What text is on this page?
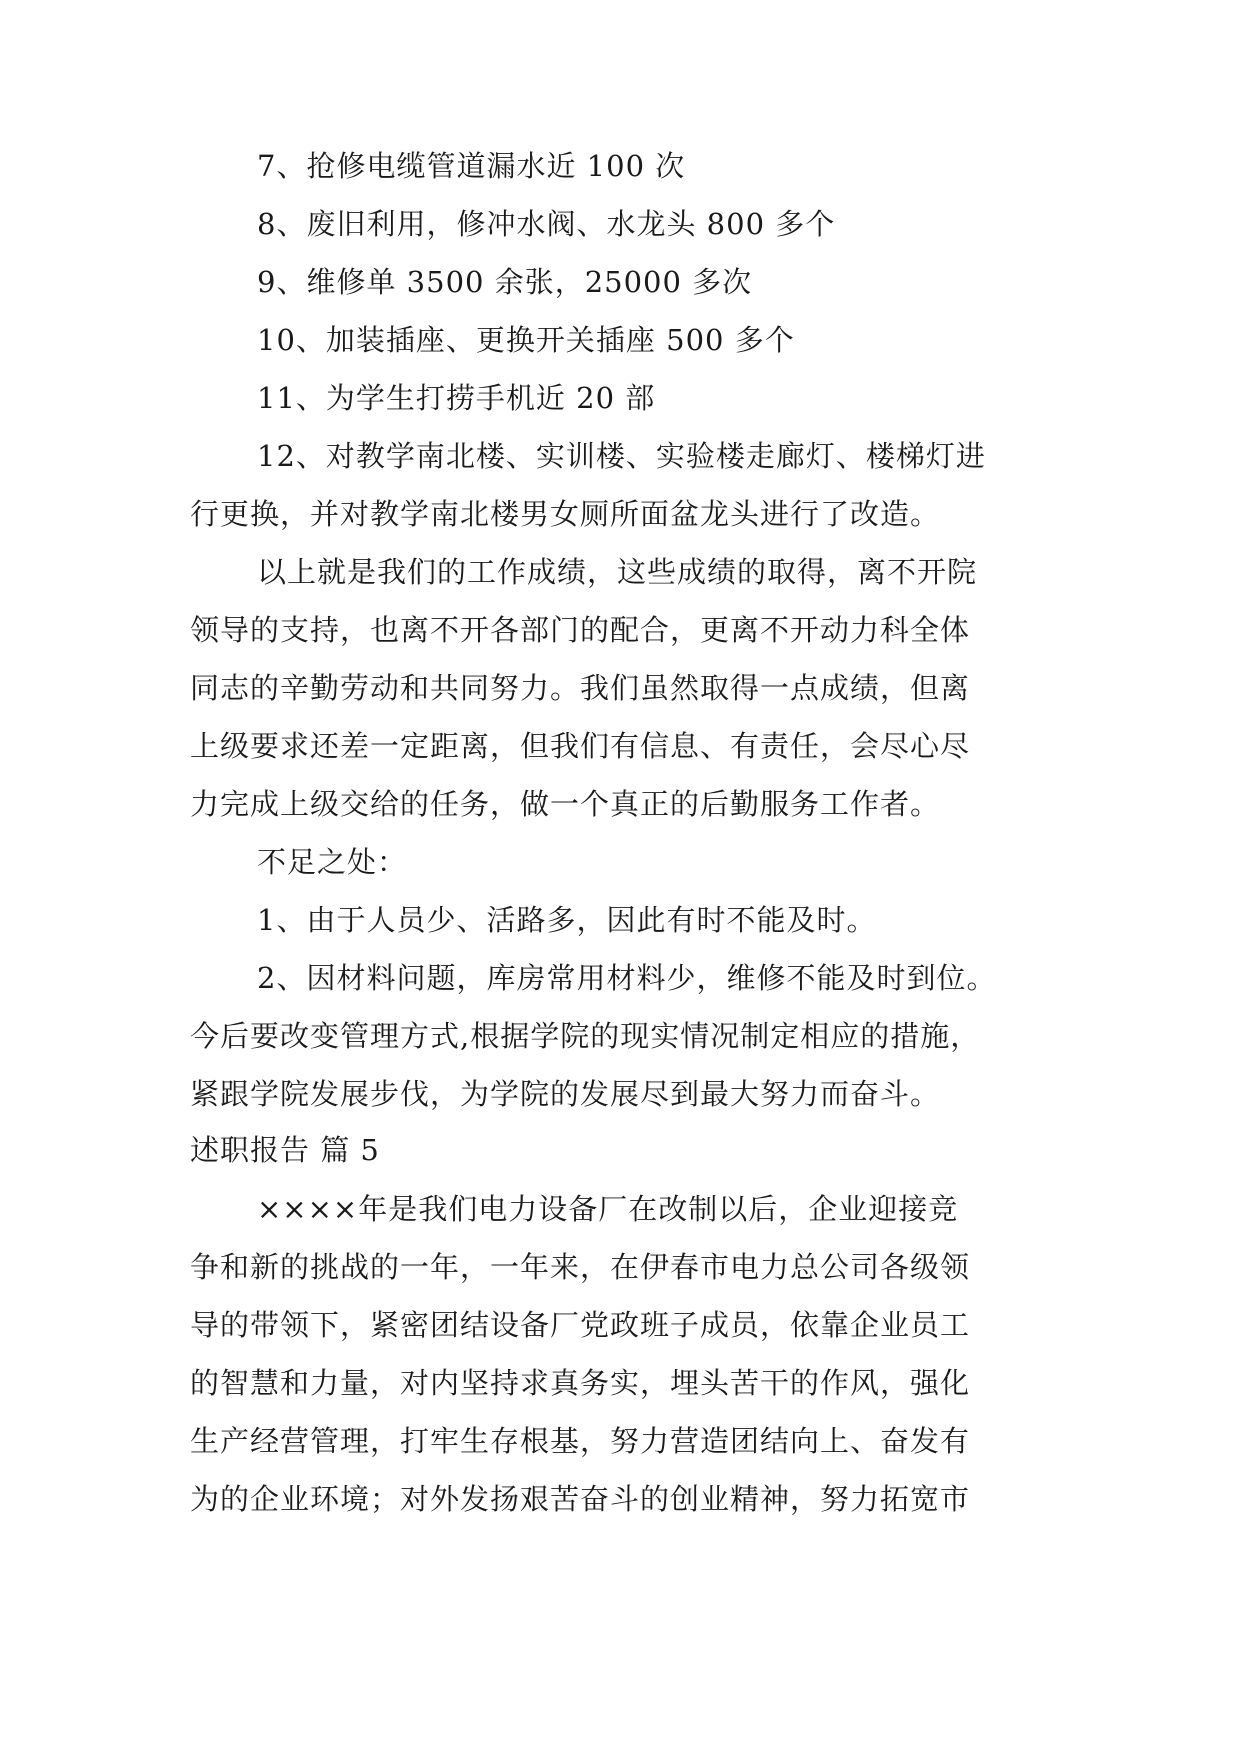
7、抢修电缆管道漏水近 100 次
8、废旧利用，修冲水阀、水龙头 800 多个
9、维修单 3500 余张，25000 多次
10、加装插座、更换开关插座 500 多个
11、为学生打捞手机近 20 部
12、对教学南北楼、实训楼、实验楼走廊灯、楼梯灯进
行更换，并对教学南北楼男女厕所面盆龙头进行了改造。
以上就是我们的工作成绩，这些成绩的取得，离不开院
领导的支持，也离不开各部门的配合，更离不开动力科全体
同志的辛勤劳动和共同努力。我们虽然取得一点成绩，但离
上级要求还差一定距离，但我们有信息、有责任，会尽心尽
力完成上级交给的任务，做一个真正的后勤服务工作者。
不足之处：
1、由于人员少、活路多，因此有时不能及时。
2、因材料问题，库房常用材料少，维修不能及时到位。
今后要改变管理方式,根据学院的现实情况制定相应的措施，
紧跟学院发展步伐，为学院的发展尽到最大努力而奋斗。
述职报告 篇 5
××××年是我们电力设备厂在改制以后，企业迎接竞
争和新的挑战的一年，一年来，在伊春市电力总公司各级领
导的带领下，紧密团结设备厂党政班子成员，依靠企业员工
的智慧和力量，对内坚持求真务实，埋头苦干的作风，强化
生产经营管理，打牢生存根基，努力营造团结向上、奋发有
为的企业环境；对外发扬艰苦奋斗的创业精神，努力拓宽市
